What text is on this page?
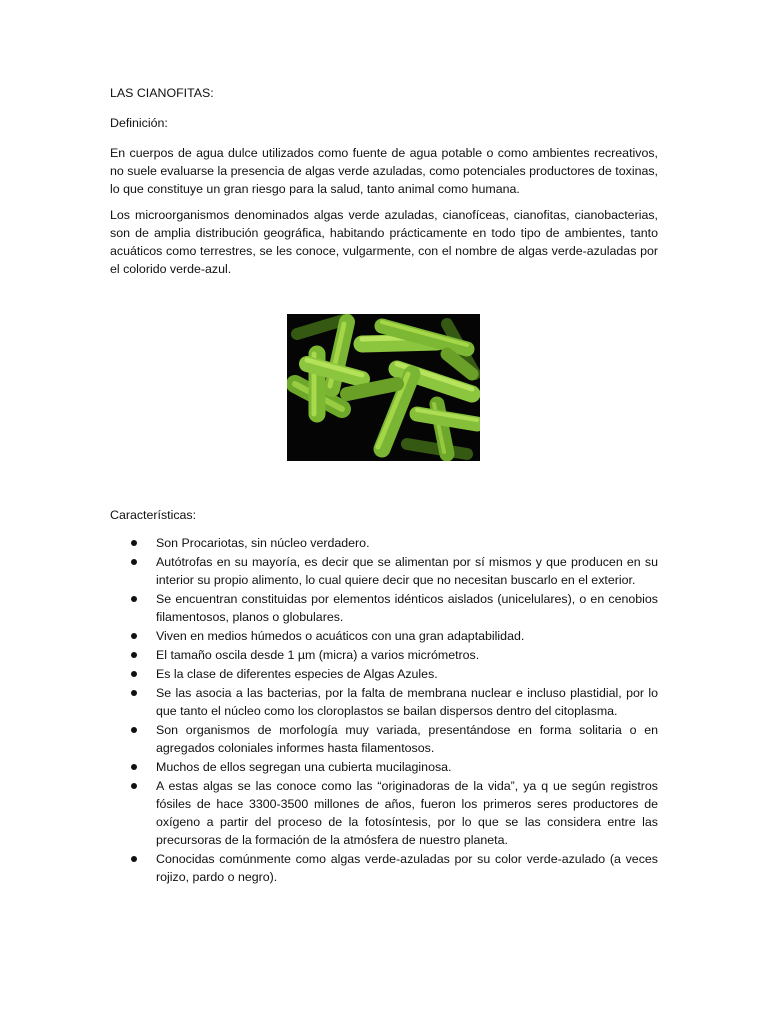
LAS CIANOFITAS:

Definición:

En cuerpos de agua dulce utilizados como fuente de agua potable o como ambientes recreativos, no suele evaluarse la presencia de algas verde azuladas, como potenciales productores de toxinas, lo que constituye un gran riesgo para la salud, tanto animal como humana.

Los microorganismos denominados algas verde azuladas, cianofíceas, cianofitas, cianobacterias, son de amplia distribución geográfica, habitando prácticamente en todo tipo de ambientes, tanto acuáticos como terrestres, se les conoce, vulgarmente, con el nombre de algas verde-azuladas por el colorido verde-azul.

Características:

Son Procariotas, sin núcleo verdadero.
Autótrofas en su mayoría, es decir que se alimentan por sí mismos y que producen en su interior su propio alimento, lo cual quiere decir que no necesitan buscarlo en el exterior.
Se encuentran constituidas por elementos idénticos aislados (unicelulares), o en cenobios filamentosos, planos o globulares.
Viven en medios húmedos o acuáticos con una gran adaptabilidad.
El tamaño oscila desde 1 µm (micra) a varios micrómetros.
Es la clase de diferentes especies de Algas Azules.
Se las asocia a las bacterias, por la falta de membrana nuclear e incluso plastidial, por lo que tanto el núcleo como los cloroplastos se bailan dispersos dentro del citoplasma.
Son organismos de morfología muy variada, presentándose en forma solitaria o en agregados coloniales informes hasta filamentosos.
Muchos de ellos segregan una cubierta mucilaginosa.
A estas algas se las conoce como las “originadoras de la vida”, ya q ue según registros fósiles de hace 3300-3500 millones de años, fueron los primeros seres productores de oxígeno a partir del proceso de la fotosíntesis, por lo que se las considera entre las precursoras de la formación de la atmósfera de nuestro planeta.
Conocidas comúnmente como algas verde-azuladas por su color verde-azulado (a veces rojizo, pardo o negro).
